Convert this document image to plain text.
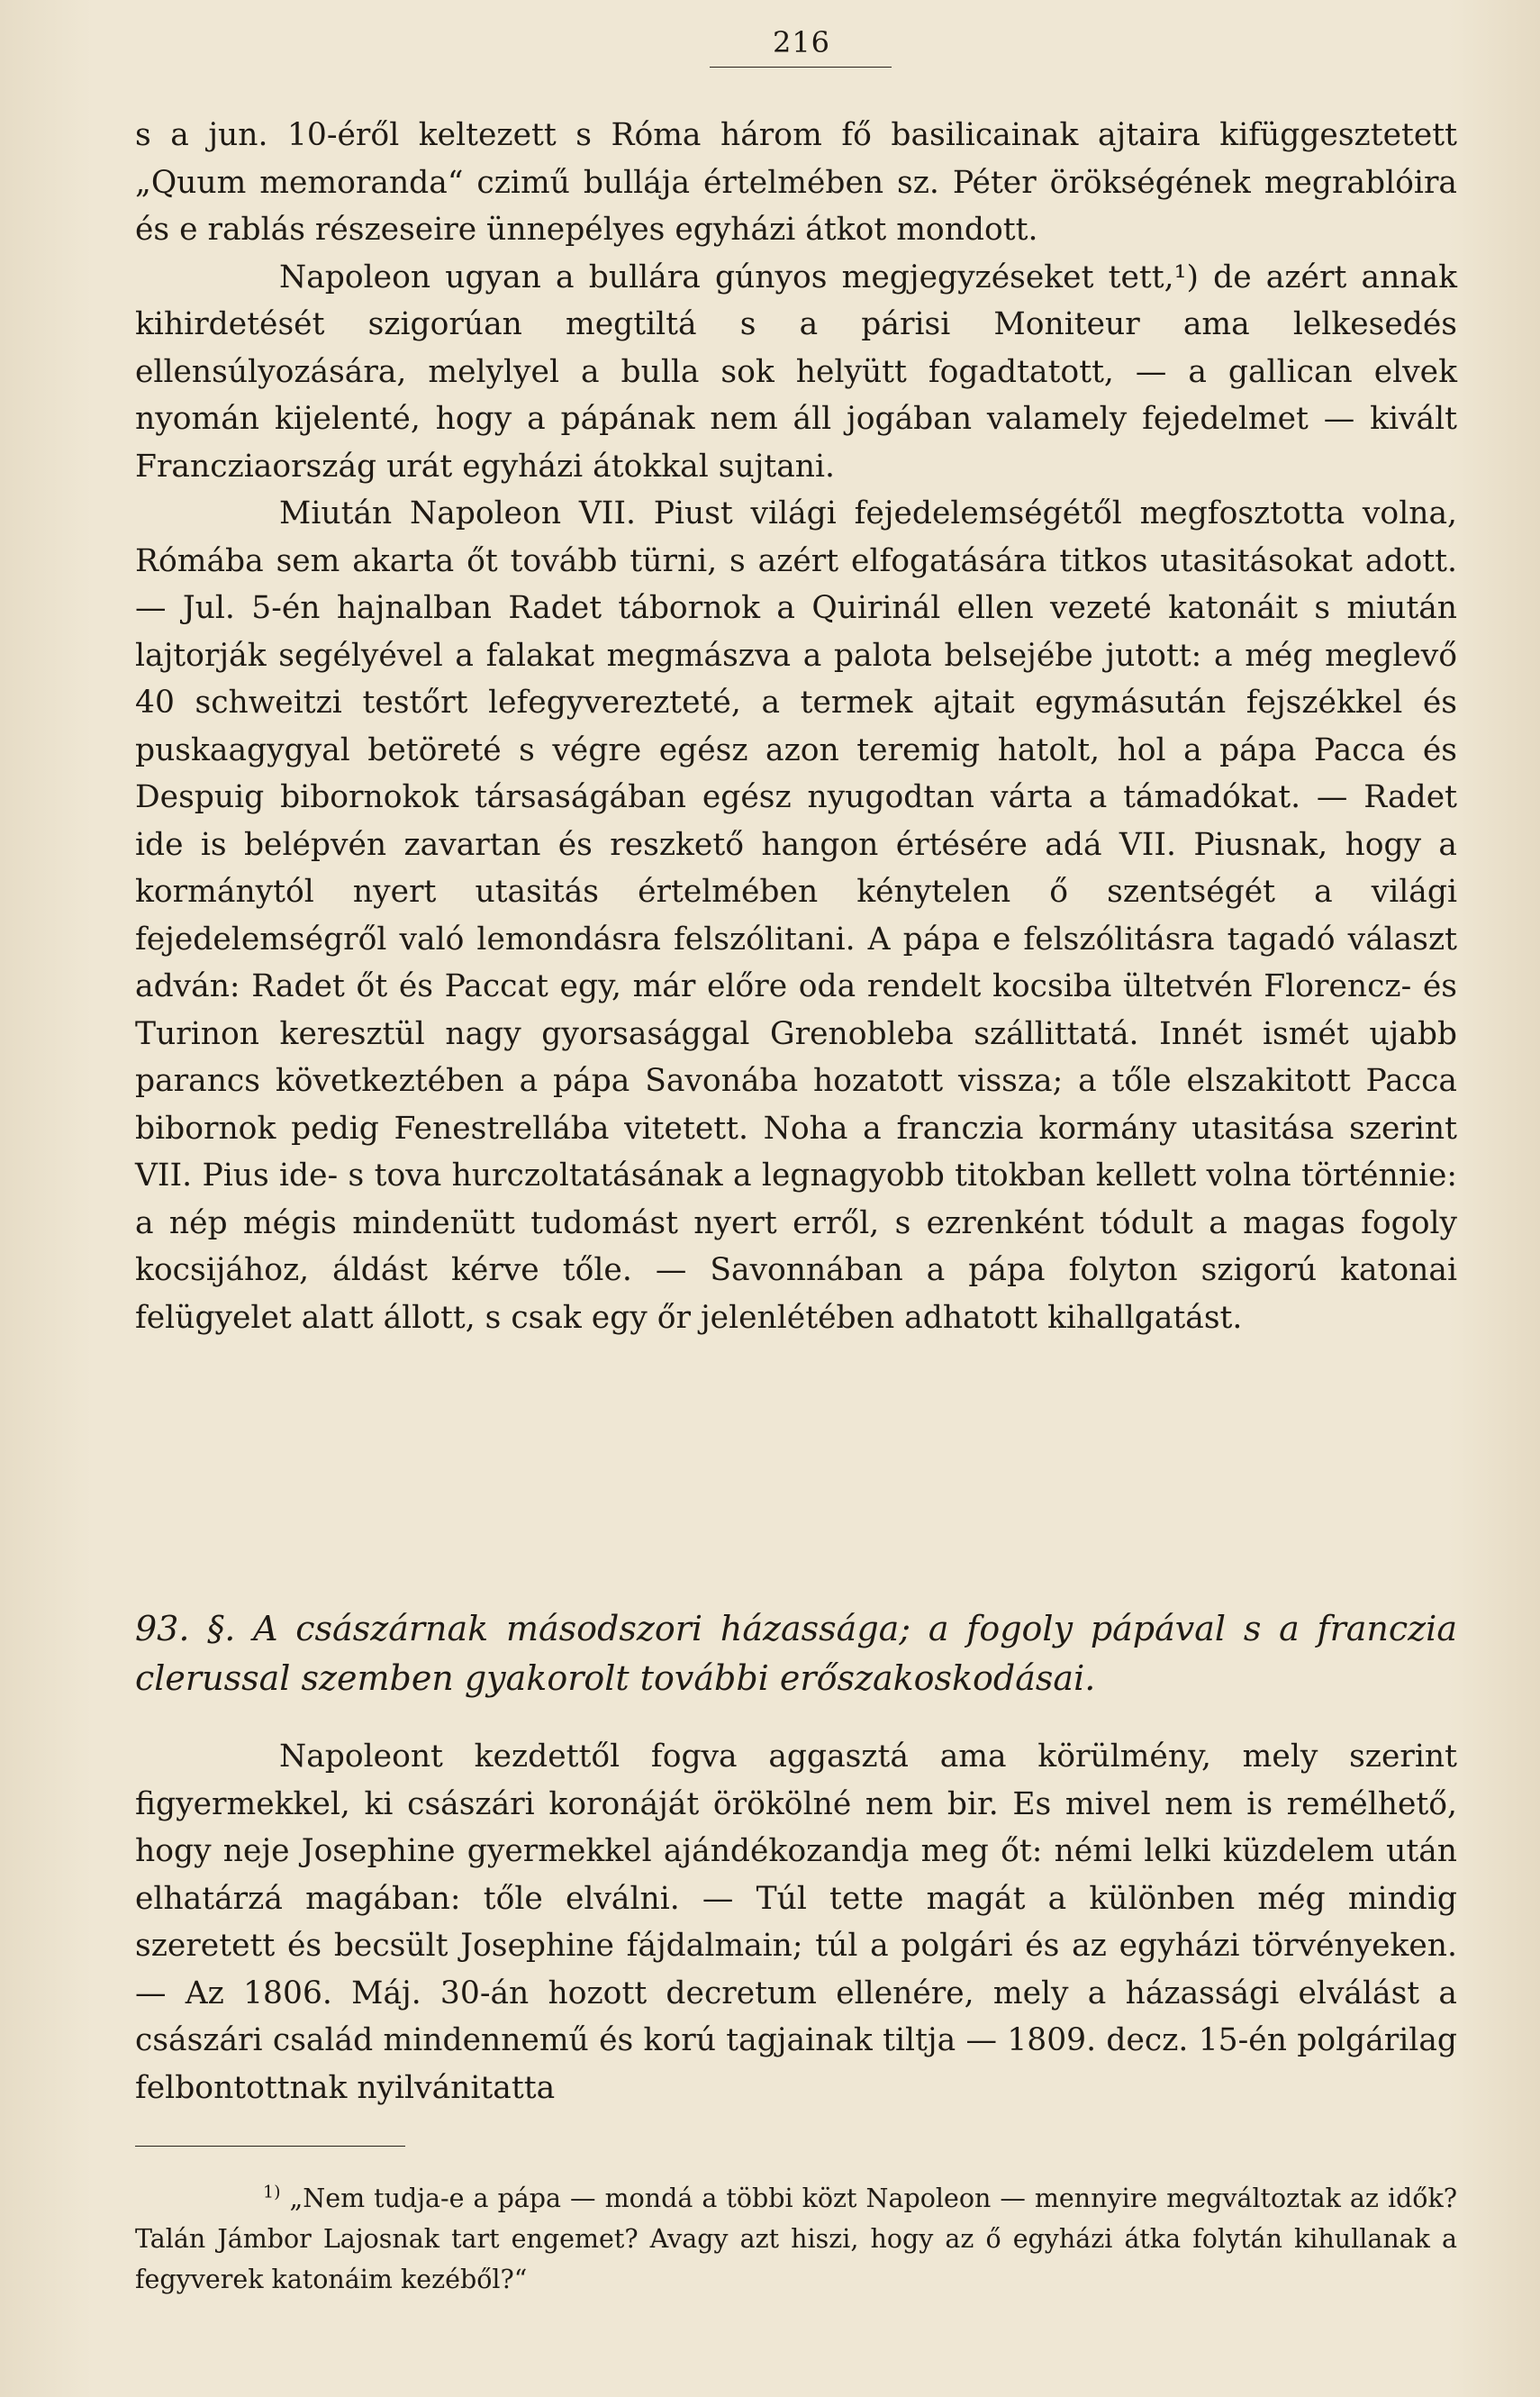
216

s a jun. 10-éről keltezett s Róma három fő basilicainak ajtaira kifüggesztetett „Quum memoranda“ czimű bullája értelmében sz. Péter örökségének megrablóira és e rablás részeseire ünnepélyes egyházi átkot mondott.

Napoleon ugyan a bullára gúnyos megjegyzéseket tett,¹) de azért annak kihirdetését szigorúan megtiltá s a párisi Moniteur ama lelkesedés ellensúlyozására, melylyel a bulla sok helyütt fogadtatott, — a gallican elvek nyomán kijelenté, hogy a pápának nem áll jogában valamely fejedelmet — kivált Francziaország urát egyházi átokkal sujtani.

Miután Napoleon VII. Piust világi fejedelemségétől megfosztotta volna, Rómába sem akarta őt tovább türni, s azért elfogatására titkos utasitásokat adott. — Jul. 5-én hajnalban Radet tábornok a Quirinál ellen vezeté katonáit s miután lajtorják segélyével a falakat megmászva a palota belsejébe jutott: a még meglevő 40 schweitzi testőrt lefegyverezteté, a termek ajtait egymásután fejszékkel és puskaagygyal betöreté s végre egész azon teremig hatolt, hol a pápa Pacca és Despuig bibornokok társaságában egész nyugodtan várta a támadókat. — Radet ide is belépvén zavartan és reszkető hangon értésére adá VII. Piusnak, hogy a kormánytól nyert utasitás értelmében kénytelen ő szentségét a világi fejedelemségről való lemondásra felszólitani. A pápa e felszólitásra tagadó választ adván: Radet őt és Paccat egy, már előre oda rendelt kocsiba ültetvén Florencz- és Turinon keresztül nagy gyorsasággal Grenobleba szállittatá. Innét ismét ujabb parancs következtében a pápa Savonába hozatott vissza; a tőle elszakitott Pacca bibornok pedig Fenestrellába vitetett. Noha a franczia kormány utasitása szerint VII. Pius ide- s tova hurczoltatásának a legnagyobb titokban kellett volna történnie: a nép mégis mindenütt tudomást nyert erről, s ezrenként tódult a magas fogoly kocsijához, áldást kérve tőle. — Savonnában a pápa folyton szigorú katonai felügyelet alatt állott, s csak egy őr jelenlétében adhatott kihallgatást.

93. §. A császárnak másodszori házassága; a fogoly pápával s a franczia clerussal szemben gyakorolt további erőszakoskodásai.

Napoleont kezdettől fogva aggasztá ama körülmény, mely szerint figyermekkel, ki császári koronáját örökölné nem bir. Es mivel nem is remélhető, hogy neje Josephine gyermekkel ajándékozandja meg őt: némi lelki küzdelem után elhatárzá magában: tőle elválni. — Túl tette magát a különben még mindig szeretett és becsült Josephine fájdalmain; túl a polgári és az egyházi törvényeken. — Az 1806. Máj. 30-án hozott decretum ellenére, mely a házassági elválást a császári család mindennemű és korú tagjainak tiltja — 1809. decz. 15-én polgárilag felbontottnak nyilvánitatta

$^{1)}$ „Nem tudja-e a pápa — mondá a többi közt Napoleon — mennyire megváltoztak az idők? Talán Jámbor Lajosnak tart engemet? Avagy azt hiszi, hogy az ő egyházi átka folytán kihullanak a fegyverek katonáim kezéből?“
